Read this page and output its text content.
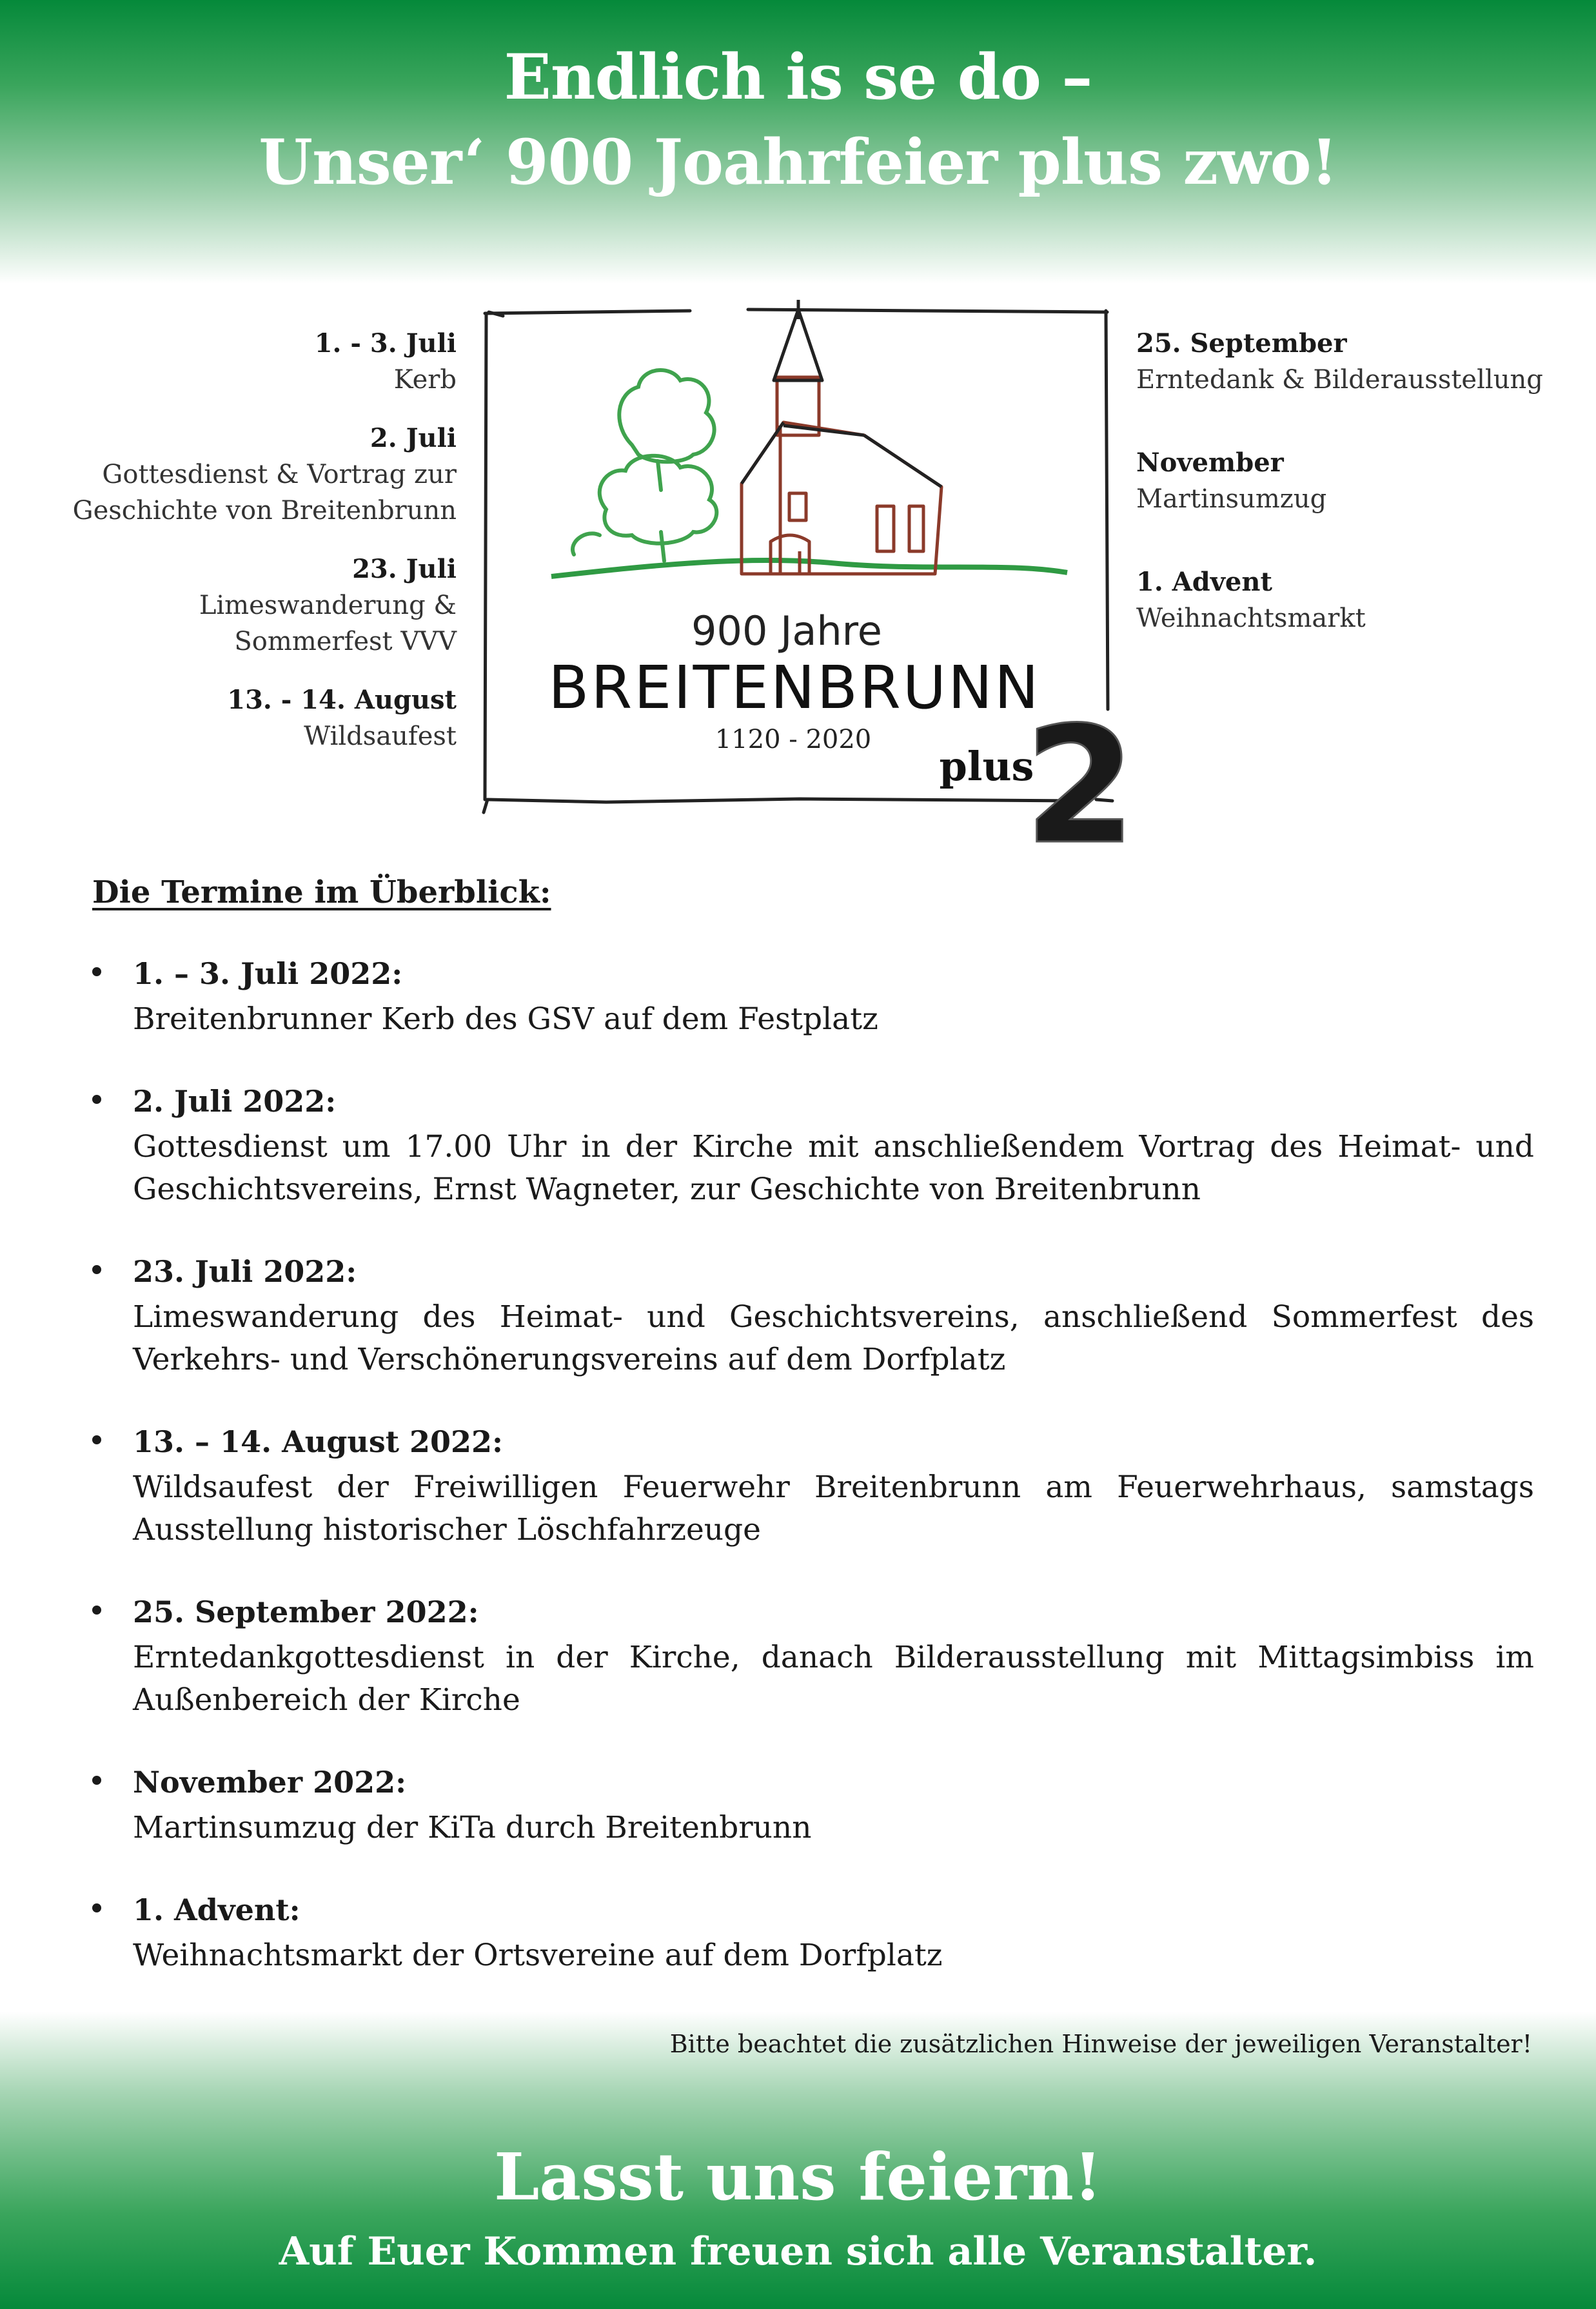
Endlich is se do –
Unser‘ 900 Joahrfeier plus zwo!
1. - 3. Juli
Kerb
2. Juli
Gottesdienst & Vortrag zur
Geschichte von Breitenbrunn
23. Juli
Limeswanderung &
Sommerfest VVV
13. - 14. August
Wildsaufest
25. September
Erntedank & Bilderausstellung
November
Martinsumzug
1. Advent
Weihnachtsmarkt
900 Jahre
BREITENBRUNN
1120 - 2020
plus
2
Die Termine im Überblick:
1. – 3. Juli 2022:
Breitenbrunner Kerb des GSV auf dem Festplatz
2. Juli 2022:
Gottesdienst um 17.00 Uhr in der Kirche mit anschließendem Vortrag des Heimat- und Geschichtsvereins, Ernst Wagneter, zur Geschichte von Breitenbrunn
23. Juli 2022:
Limeswanderung des Heimat- und Geschichtsvereins, anschließend Sommerfest des Verkehrs- und Verschönerungsvereins auf dem Dorfplatz
13. – 14. August 2022:
Wildsaufest der Freiwilligen Feuerwehr Breitenbrunn am Feuerwehrhaus, samstags Ausstellung historischer Löschfahrzeuge
25. September 2022:
Erntedankgottesdienst in der Kirche, danach Bilderausstellung mit Mittagsimbiss im Außenbereich der Kirche
November 2022:
Martinsumzug der KiTa durch Breitenbrunn
1. Advent:
Weihnachtsmarkt der Ortsvereine auf dem Dorfplatz
Bitte beachtet die zusätzlichen Hinweise der jeweiligen Veranstalter!
Lasst uns feiern!
Auf Euer Kommen freuen sich alle Veranstalter.
